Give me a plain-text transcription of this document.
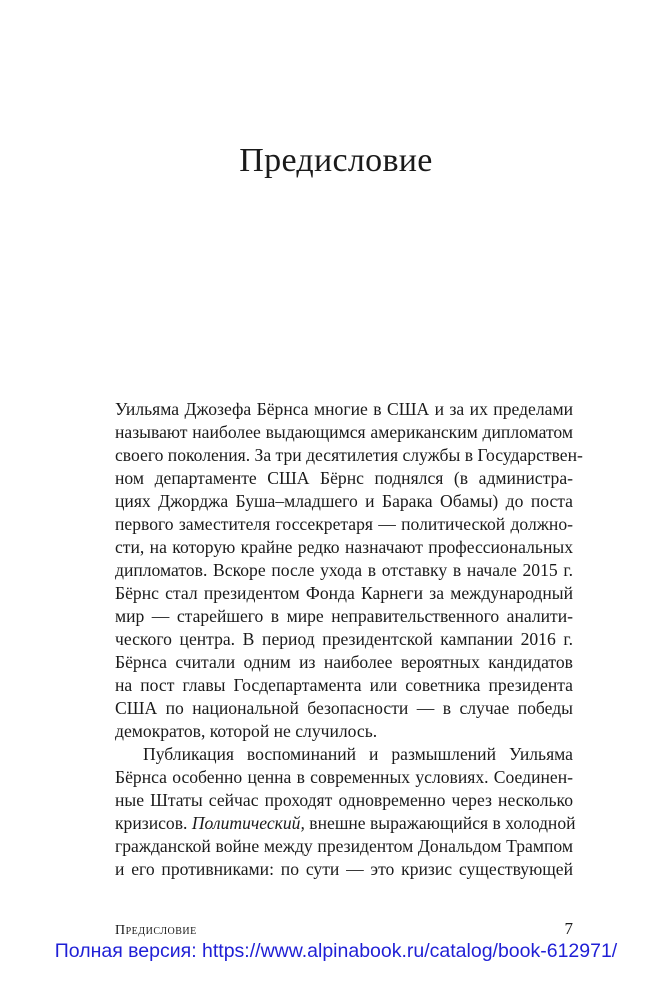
Предисловие
Уильяма Джозефа Бёрнса многие в США и за их пределами
называют наиболее выдающимся американским дипломатом
своего поколения. За три десятилетия службы в Государствен-
ном департаменте США Бёрнс поднялся (в администра-
циях Джорджа Буша–младшего и Барака Обамы) до поста
первого заместителя госсекретаря — политической должно-
сти, на которую крайне редко назначают профессиональных
дипломатов. Вскоре после ухода в отставку в начале 2015 г.
Бёрнс стал президентом Фонда Карнеги за международный
мир — старейшего в мире неправительственного аналити-
ческого центра. В период президентской кампании 2016 г.
Бёрнса считали одним из наиболее вероятных кандидатов
на пост главы Госдепартамента или советника президента
США по национальной безопасности — в случае победы
демократов, которой не случилось.
Публикация воспоминаний и размышлений Уильяма
Бёрнса особенно ценна в современных условиях. Соединен-
ные Штаты сейчас проходят одновременно через несколько
кризисов. Политический, внешне выражающийся в холодной
гражданской войне между президентом Дональдом Трампом
и его противниками: по сути — это кризис существующей
Предисловие	7
Полная версия: https://www.alpinabook.ru/catalog/book-612971/
